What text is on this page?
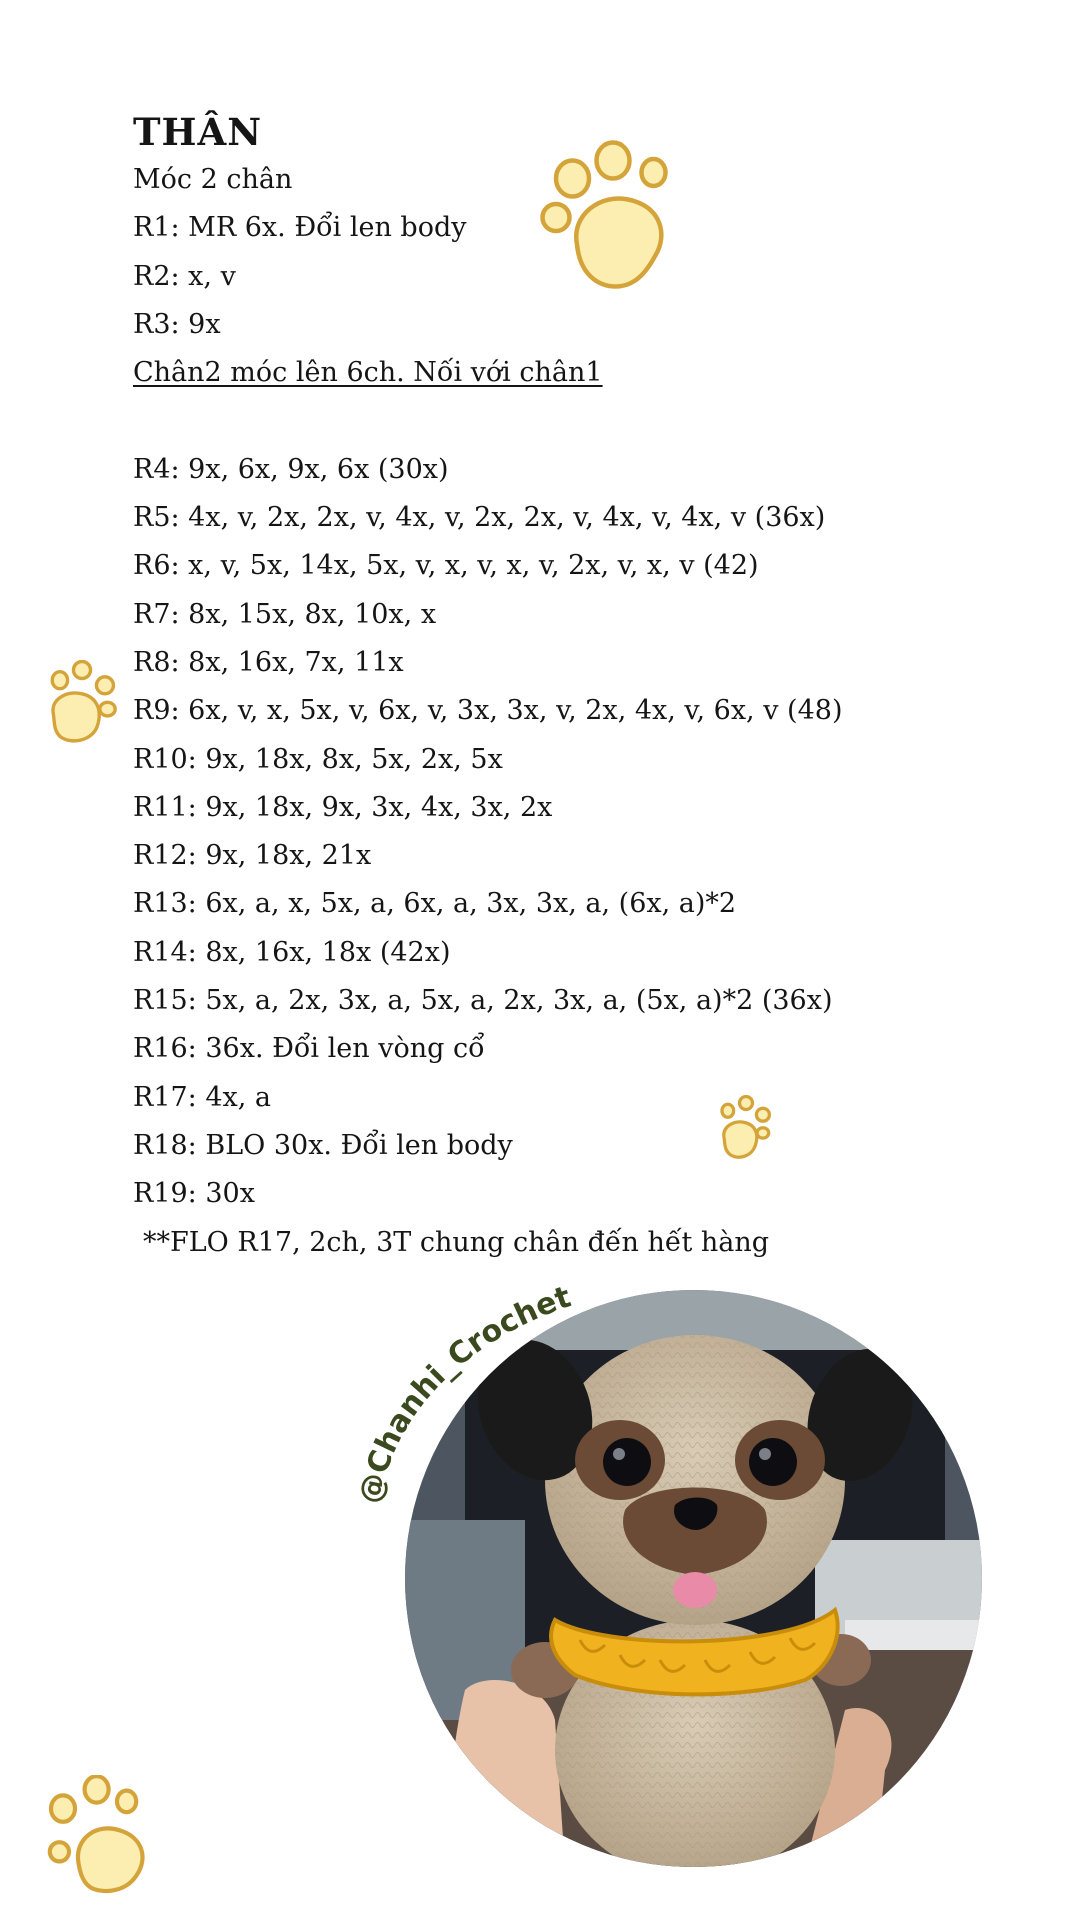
THÂN
Móc 2 chân
R1: MR 6x. Đổi len body
R2: x, v
R3: 9x
Chân2 móc lên 6ch. Nối với chân1
R4: 9x, 6x, 9x, 6x (30x)
R5: 4x, v, 2x, 2x, v, 4x, v, 2x, 2x, v, 4x, v, 4x, v (36x)
R6: x, v, 5x, 14x, 5x, v, x, v, x, v, 2x, v, x, v (42)
R7: 8x, 15x, 8x, 10x, x
R8: 8x, 16x, 7x, 11x
R9: 6x, v, x, 5x, v, 6x, v, 3x, 3x, v, 2x, 4x, v, 6x, v (48)
R10: 9x, 18x, 8x, 5x, 2x, 5x
R11: 9x, 18x, 9x, 3x, 4x, 3x, 2x
R12: 9x, 18x, 21x
R13: 6x, a, x, 5x, a, 6x, a, 3x, 3x, a, (6x, a)*2
R14: 8x, 16x, 18x (42x)
R15: 5x, a, 2x, 3x, a, 5x, a, 2x, 3x, a, (5x, a)*2 (36x)
R16: 36x. Đổi len vòng cổ
R17: 4x, a
R18: BLO 30x. Đổi len body
R19: 30x
**FLO R17, 2ch, 3T chung chân đến hết hàng
@Chanhi_Crochet
